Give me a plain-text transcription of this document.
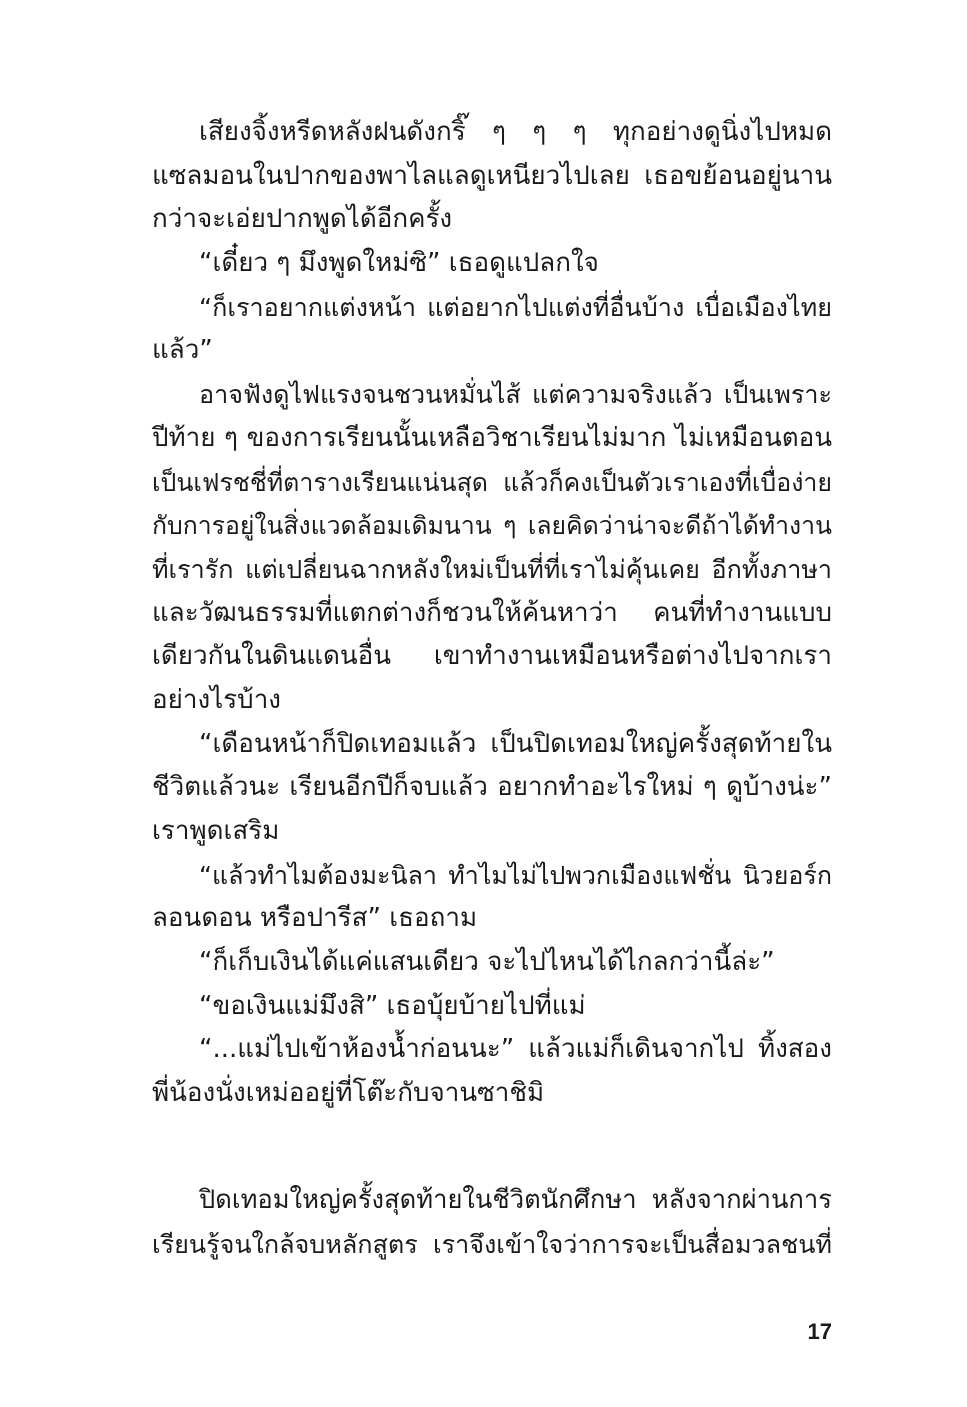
เสียงจิ้งหรีดหลังฝนดังกริ๊ ๆ ๆ ๆ ทุกอย่างดูนิ่งไปหมด
แซลมอนในปากของพาไลแลดูเหนียวไปเลย เธอขย้อนอยู่นาน
กว่าจะเอ่ยปากพูดได้อีกครั้ง
“เดี๋ยว ๆ มึงพูดใหม่ซิ” เธอดูแปลกใจ
“ก็เราอยากแต่งหน้า แต่อยากไปแต่งที่อื่นบ้าง เบื่อเมืองไทย
แล้ว”
อาจฟังดูไฟแรงจนชวนหมั่นไส้ แต่ความจริงแล้ว เป็นเพราะ
ปีท้าย ๆ ของการเรียนนั้นเหลือวิชาเรียนไม่มาก ไม่เหมือนตอน
เป็นเฟรชชี่ที่ตารางเรียนแน่นสุด แล้วก็คงเป็นตัวเราเองที่เบื่อง่าย
กับการอยู่ในสิ่งแวดล้อมเดิมนาน ๆ เลยคิดว่าน่าจะดีถ้าได้ทำงาน
ที่เรารัก แต่เปลี่ยนฉากหลังใหม่เป็นที่ที่เราไม่คุ้นเคย อีกทั้งภาษา
และวัฒนธรรมที่แตกต่างก็ชวนให้ค้นหาว่า คนที่ทำงานแบบ
เดียวกันในดินแดนอื่น เขาทำงานเหมือนหรือต่างไปจากเรา
อย่างไรบ้าง
“เดือนหน้าก็ปิดเทอมแล้ว เป็นปิดเทอมใหญ่ครั้งสุดท้ายใน
ชีวิตแล้วนะ เรียนอีกปีก็จบแล้ว อยากทำอะไรใหม่ ๆ ดูบ้างน่ะ”
เราพูดเสริม
“แล้วทำไมต้องมะนิลา ทำไมไม่ไปพวกเมืองแฟชั่น นิวยอร์ก
ลอนดอน หรือปารีส” เธอถาม
“ก็เก็บเงินได้แค่แสนเดียว จะไปไหนได้ไกลกว่านี้ล่ะ”
“ขอเงินแม่มึงสิ” เธอบุ้ยบ้ายไปที่แม่
“...แม่ไปเข้าห้องน้ำก่อนนะ” แล้วแม่ก็เดินจากไป ทิ้งสอง
พี่น้องนั่งเหม่ออยู่ที่โต๊ะกับจานซาชิมิ
ปิดเทอมใหญ่ครั้งสุดท้ายในชีวิตนักศึกษา หลังจากผ่านการ
เรียนรู้จนใกล้จบหลักสูตร เราจึงเข้าใจว่าการจะเป็นสื่อมวลชนที่
17
